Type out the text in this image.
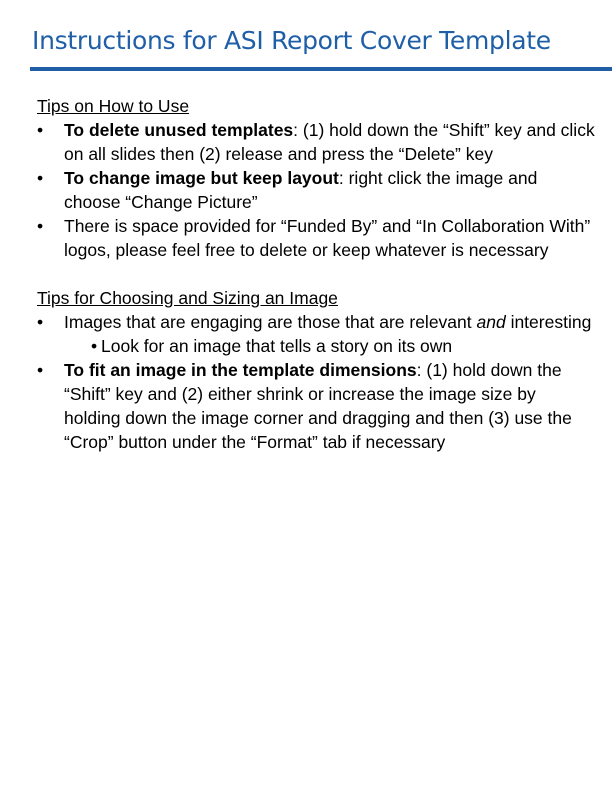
Instructions for ASI Report Cover Template
Tips on How to Use
•	To delete unused templates: (1) hold down the “Shift” key and click on all slides then (2) release and press the “Delete” key
•	To change image but keep layout: right click the image and choose “Change Picture”
•	There is space provided for “Funded By” and “In Collaboration With” logos, please feel free to delete or keep whatever is necessary
Tips for Choosing and Sizing an Image
•	Images that are engaging are those that are relevant and interesting
• Look for an image that tells a story on its own
•	To fit an image in the template dimensions: (1) hold down the “Shift” key and (2) either shrink or increase the image size by holding down the image corner and dragging and then (3) use the “Crop” button under the “Format” tab if necessary
